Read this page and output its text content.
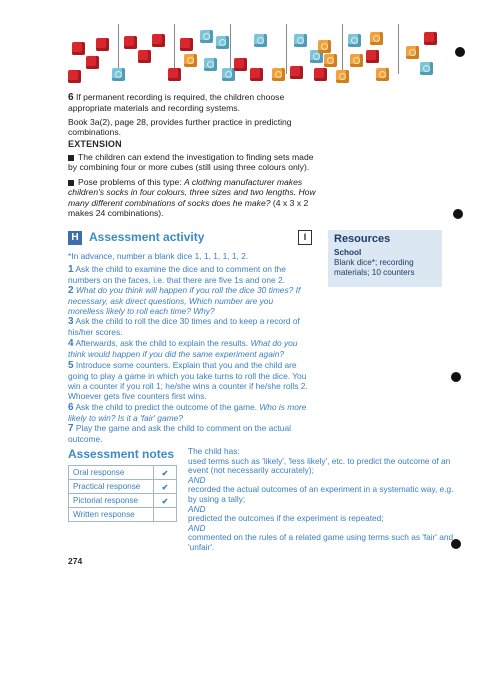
6 If permanent recording is required, the children choose appropriate materials and recording systems.
Book 3a(2), page 28, provides further practice in predicting combinations.
EXTENSION
The children can extend the investigation to finding sets made by combining four or more cubes (still using three colours only).
Pose problems of this type: A clothing manufacturer makes children's socks in four colours, three sizes and two lengths. How many different combinations of socks does he make? (4 x 3 x 2 makes 24 combinations).
H Assessment activity	I
*In advance, number a blank dice 1, 1, 1, 1, 1, 2.
1 Ask the child to examine the dice and to comment on the numbers on the faces, i.e. that there are five 1s and one 2.
2 What do you think will happen if you roll the dice 30 times? If necessary, ask direct questions, Which number are you morelless likely to roll each time? Why?
3 Ask the child to roll the dice 30 times and to keep a record of his/her scores.
4 Afterwards, ask the child to explain the results. What do you think would happen if you did the same experiment again?
5 Introduce some counters. Explain that you and the child are going to play a game in which you take turns to roll the dice. You win a counter if you roll 1; he/she wins a counter if he/she rolls 2. Whoever gets five counters first wins.
6 Ask the child to predict the outcome of the game. Who is more likely to win? Is it a 'fair' game?
7 Play the game and ask the child to comment on the actual outcome.
Resources
School
Blank dice*; recording materials; 10 counters
Assessment notes
Oral response	✔
Practical response	✔
Pictorial response	✔
Written response	
The child has:
used terms such as 'likely', 'less likely', etc. to predict the outcome of an event (not necessarily accurately);
AND
recorded the actual outcomes of an experiment in a systematic way, e.g. by using a tally;
AND
predicted the outcomes if the experiment is repeated;
AND
commented on the rules of a related game using terms such as 'fair' and 'unfair'.
274
